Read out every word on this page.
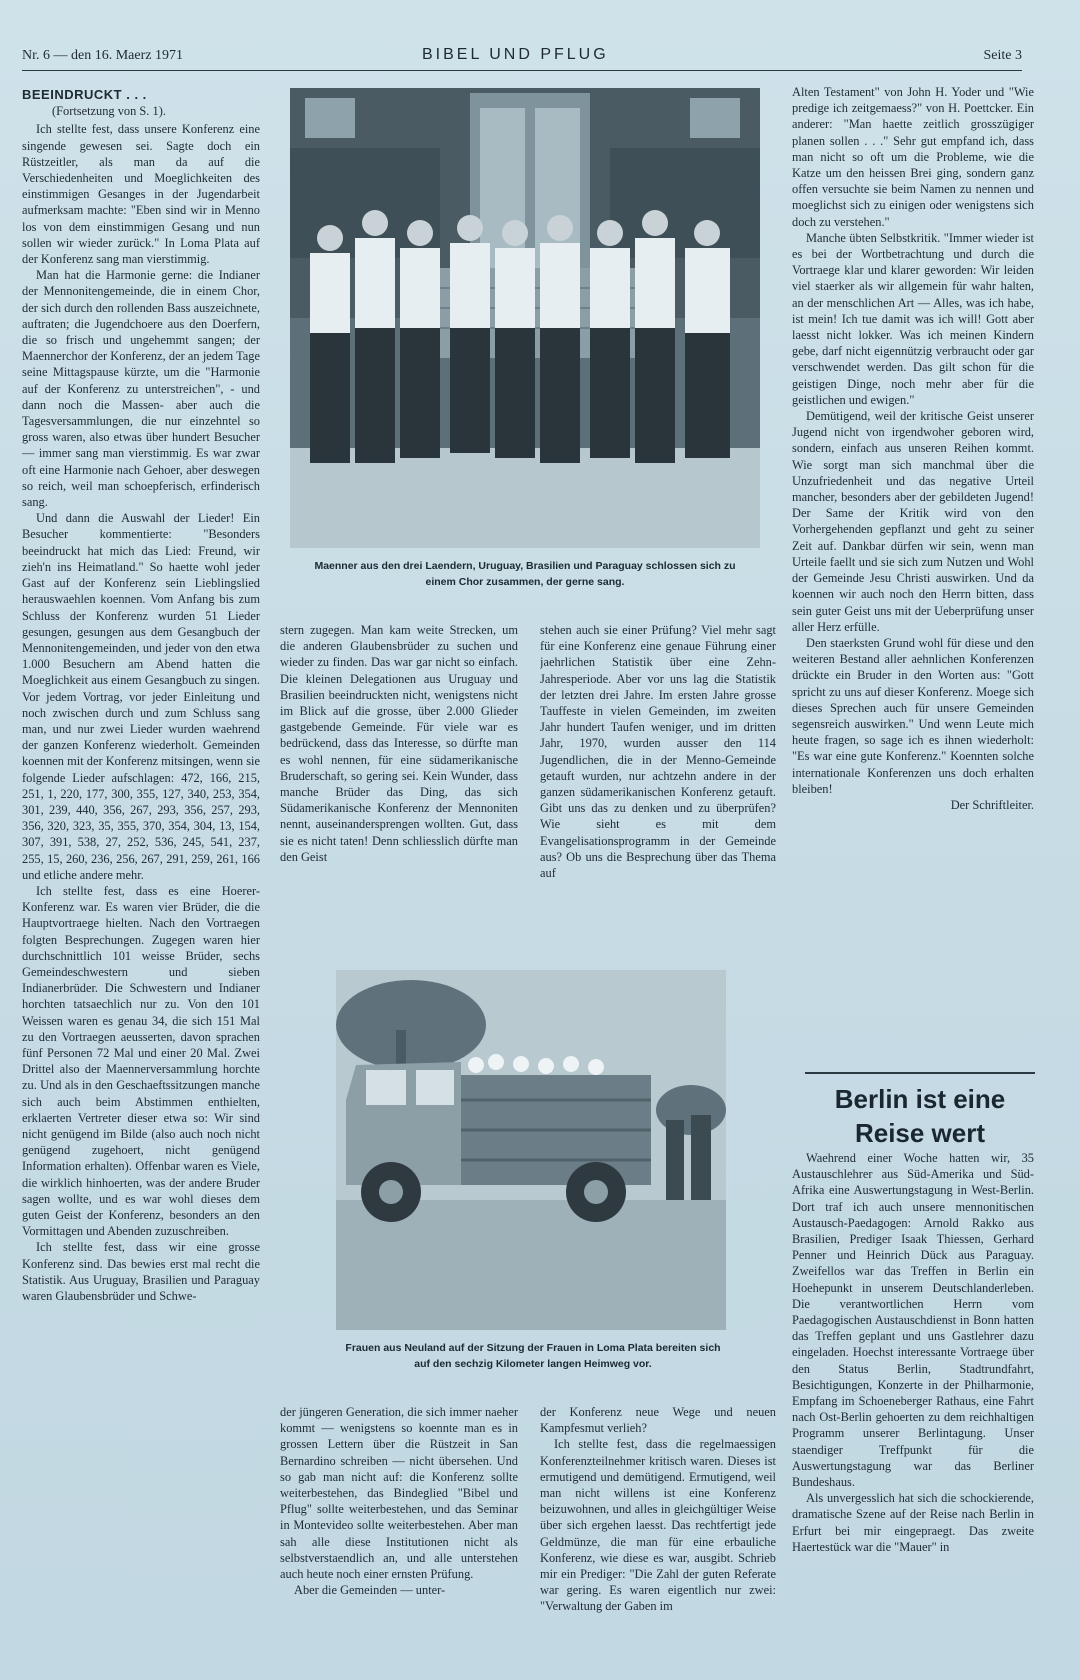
Nr. 6 — den 16. Maerz 1971	BIBEL UND PFLUG	Seite 3

BEEINDRUCKT . . .

(Fortsetzung von S. 1).

Ich stellte fest, dass unsere Konferenz eine singende gewesen sei. Sagte doch ein Rüstzeitler, als man da auf die Verschiedenheiten und Moeglichkeiten des einstimmigen Gesanges in der Jugendarbeit aufmerksam machte: "Eben sind wir in Menno los von dem einstimmigen Gesang und nun sollen wir wieder zurück." In Loma Plata auf der Konferenz sang man vierstimmig.

Man hat die Harmonie gerne: die Indianer der Mennonitengemeinde, die in einem Chor, der sich durch den rollenden Bass auszeichnete, auftraten; die Jugendchoere aus den Doerfern, die so frisch und ungehemmt sangen; der Maennerchor der Konferenz, der an jedem Tage seine Mittagspause kürzte, um die "Harmonie auf der Konferenz zu unterstreichen", - und dann noch die Massen- aber auch die Tagesversammlungen, die nur einzehntel so gross waren, also etwas über hundert Besucher — immer sang man vierstimmig. Es war zwar oft eine Harmonie nach Gehoer, aber deswegen so reich, weil man schoepferisch, erfinderisch sang.

Und dann die Auswahl der Lieder! Ein Besucher kommentierte: "Besonders beeindruckt hat mich das Lied: Freund, wir zieh'n ins Heimatland." So haette wohl jeder Gast auf der Konferenz sein Lieblingslied herauswaehlen koennen. Vom Anfang bis zum Schluss der Konferenz wurden 51 Lieder gesungen, gesungen aus dem Gesangbuch der Mennonitengemeinden, und jeder von den etwa 1.000 Besuchern am Abend hatten die Moeglichkeit aus einem Gesangbuch zu singen. Vor jedem Vortrag, vor jeder Einleitung und noch zwischen durch und zum Schluss sang man, und nur zwei Lieder wurden waehrend der ganzen Konferenz wiederholt. Gemeinden koennen mit der Konferenz mitsingen, wenn sie folgende Lieder aufschlagen: 472, 166, 215, 251, 1, 220, 177, 300, 355, 127, 340, 253, 354, 301, 239, 440, 356, 267, 293, 356, 257, 293, 356, 320, 323, 35, 355, 370, 354, 304, 13, 154, 307, 391, 538, 27, 252, 536, 245, 541, 237, 255, 15, 260, 236, 256, 267, 291, 259, 261, 166 und etliche andere mehr.

Ich stellte fest, dass es eine Hoerer-Konferenz war. Es waren vier Brüder, die die Hauptvortraege hielten. Nach den Vortraegen folgten Besprechungen. Zugegen waren hier durchschnittlich 101 weisse Brüder, sechs Gemeindeschwestern und sieben Indianerbrüder. Die Schwestern und Indianer horchten tatsaechlich nur zu. Von den 101 Weissen waren es genau 34, die sich 151 Mal zu den Vortraegen aeusserten, davon sprachen fünf Personen 72 Mal und einer 20 Mal. Zwei Drittel also der Maennerversammlung horchte zu. Und als in den Geschaeftssitzungen manche sich auch beim Abstimmen enthielten, erklaerten Vertreter dieser etwa so: Wir sind nicht genügend im Bilde (also auch noch nicht genügend zugehoert, nicht genügend Information erhalten). Offenbar waren es Viele, die wirklich hinhoerten, was der andere Bruder sagen wollte, und es war wohl dieses dem guten Geist der Konferenz, besonders an den Vormittagen und Abenden zuzuschreiben.

Ich stellte fest, dass wir eine grosse Konferenz sind. Das bewies erst mal recht die Statistik. Aus Uruguay, Brasilien und Paraguay waren Glaubensbrüder und Schwe-

Maenner aus den drei Laendern, Uruguay, Brasilien und Paraguay schlossen sich zu einem Chor zusammen, der gerne sang.

stern zugegen. Man kam weite Strecken, um die anderen Glaubensbrüder zu suchen und wieder zu finden. Das war gar nicht so einfach. Die kleinen Delegationen aus Uruguay und Brasilien beeindruckten nicht, wenigstens nicht im Blick auf die grosse, über 2.000 Glieder gastgebende Gemeinde. Für viele war es bedrückend, dass das Interesse, so dürfte man es wohl nennen, für eine südamerikanische Bruderschaft, so gering sei. Kein Wunder, dass manche Brüder das Ding, das sich Südamerikanische Konferenz der Mennoniten nennt, auseinandersprengen wollten. Gut, dass sie es nicht taten! Denn schliesslich dürfte man den Geist

stehen auch sie einer Prüfung? Viel mehr sagt für eine Konferenz eine genaue Führung einer jaehrlichen Statistik über eine Zehn-Jahresperiode. Aber vor uns lag die Statistik der letzten drei Jahre. Im ersten Jahre grosse Tauffeste in vielen Gemeinden, im zweiten Jahr hundert Taufen weniger, und im dritten Jahr, 1970, wurden ausser den 114 Jugendlichen, die in der Menno-Gemeinde getauft wurden, nur achtzehn andere in der ganzen südamerikanischen Konferenz getauft. Gibt uns das zu denken und zu überprüfen? Wie sieht es mit dem Evangelisationsprogramm in der Gemeinde aus? Ob uns die Besprechung über das Thema auf

Frauen aus Neuland auf der Sitzung der Frauen in Loma Plata bereiten sich auf den sechzig Kilometer langen Heimweg vor.

der jüngeren Generation, die sich immer naeher kommt — wenigstens so koennte man es in grossen Lettern über die Rüstzeit in San Bernardino schreiben — nicht übersehen. Und so gab man nicht auf: die Konferenz sollte weiterbestehen, das Bindeglied "Bibel und Pflug" sollte weiterbestehen, und das Seminar in Montevideo sollte weiterbestehen. Aber man sah alle diese Institutionen nicht als selbstverstaendlich an, und alle unterstehen auch heute noch einer ernsten Prüfung.

Aber die Gemeinden — unter-

der Konferenz neue Wege und neuen Kampfesmut verlieh?

Ich stellte fest, dass die regelmaessigen Konferenzteilnehmer kritisch waren. Dieses ist ermutigend und demütigend. Ermutigend, weil man nicht willens ist eine Konferenz beizuwohnen, und alles in gleichgültiger Weise über sich ergehen laesst. Das rechtfertigt jede Geldmünze, die man für eine erbauliche Konferenz, wie diese es war, ausgibt. Schrieb mir ein Prediger: "Die Zahl der guten Referate war gering. Es waren eigentlich nur zwei: "Verwaltung der Gaben im

Alten Testament" von John H. Yoder und "Wie predige ich zeitgemaess?" von H. Poettcker. Ein anderer: "Man haette zeitlich grosszügiger planen sollen . . ." Sehr gut empfand ich, dass man nicht so oft um die Probleme, wie die Katze um den heissen Brei ging, sondern ganz offen versuchte sie beim Namen zu nennen und moeglichst sich zu einigen oder wenigstens sich doch zu verstehen."

Manche übten Selbstkritik. "Immer wieder ist es bei der Wortbetrachtung und durch die Vortraege klar und klarer geworden: Wir leiden viel staerker als wir allgemein für wahr halten, an der menschlichen Art — Alles, was ich habe, ist mein! Ich tue damit was ich will! Gott aber laesst nicht lokker. Was ich meinen Kindern gebe, darf nicht eigennützig verbraucht oder gar verschwendet werden. Das gilt schon für die geistigen Dinge, noch mehr aber für die geistlichen und ewigen."

Demütigend, weil der kritische Geist unserer Jugend nicht von irgendwoher geboren wird, sondern, einfach aus unseren Reihen kommt. Wie sorgt man sich manchmal über die Unzufriedenheit und das negative Urteil mancher, besonders aber der gebildeten Jugend! Der Same der Kritik wird von den Vorhergehenden gepflanzt und geht zu seiner Zeit auf. Dankbar dürfen wir sein, wenn man Urteile faellt und sie sich zum Nutzen und Wohl der Gemeinde Jesu Christi auswirken. Und da koennen wir auch noch den Herrn bitten, dass sein guter Geist uns mit der Ueberprüfung unser aller Herz erfülle.

Den staerksten Grund wohl für diese und den weiteren Bestand aller aehnlichen Konferenzen drückte ein Bruder in den Worten aus: "Gott spricht zu uns auf dieser Konferenz. Moege sich dieses Sprechen auch für unsere Gemeinden segensreich auswirken." Und wenn Leute mich heute fragen, so sage ich es ihnen wiederholt: "Es war eine gute Konferenz." Koennten solche internationale Konferenzen uns doch erhalten bleiben!

Der Schriftleiter.

Berlin ist eine Reise wert

Waehrend einer Woche hatten wir, 35 Austauschlehrer aus Süd-Amerika und Süd-Afrika eine Auswertungstagung in West-Berlin. Dort traf ich auch unsere mennonitischen Austausch-Paedagogen: Arnold Rakko aus Brasilien, Prediger Isaak Thiessen, Gerhard Penner und Heinrich Dück aus Paraguay. Zweifellos war das Treffen in Berlin ein Hoehepunkt in unserem Deutschlanderleben. Die verantwortlichen Herrn vom Paedagogischen Austauschdienst in Bonn hatten das Treffen geplant und uns Gastlehrer dazu eingeladen. Hoechst interessante Vortraege über den Status Berlin, Stadtrundfahrt, Besichtigungen, Konzerte in der Philharmonie, Empfang im Schoeneberger Rathaus, eine Fahrt nach Ost-Berlin gehoerten zu dem reichhaltigen Programm unserer Berlintagung. Unser staendiger Treffpunkt für die Auswertungstagung war das Berliner Bundeshaus.

Als unvergesslich hat sich die schockierende, dramatische Szene auf der Reise nach Berlin in Erfurt bei mir eingepraegt. Das zweite Haertestück war die "Mauer" in
